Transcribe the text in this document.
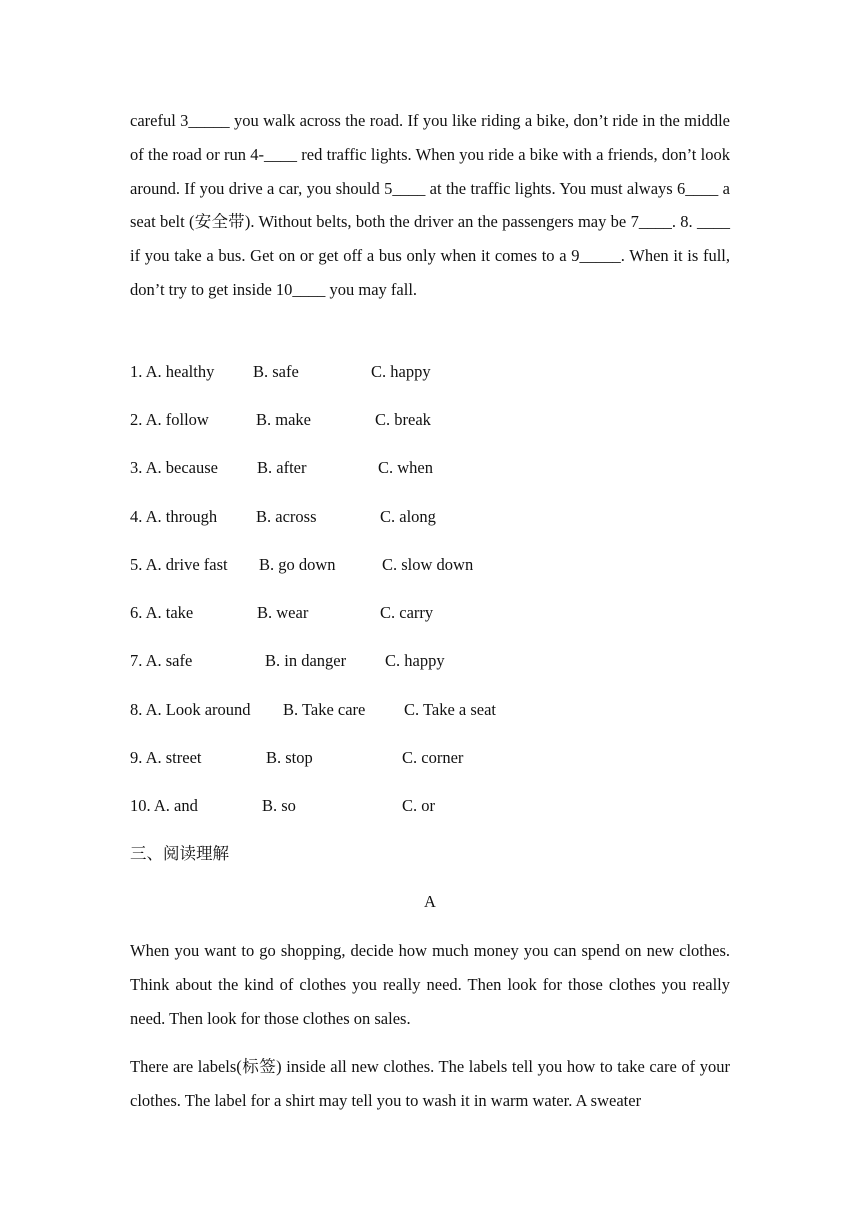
careful 3_____ you walk across the road. If you like riding a bike, don’t ride in the middle of the road or run 4-____ red traffic lights. When you ride a bike with a friends, don’t look around. If you drive a car, you should 5____ at the traffic lights. You must always 6____ a seat belt (安全带). Without belts, both the driver an the passengers may be 7____. 8. ____ if you take a bus. Get on or get off a bus only when it comes to a 9_____. When it is full, don’t try to get inside 10____ you may fall.

1. A. healthy B. safe	C. happy
2. A. follow	B. make	C. break
3. A. because B. after	C. when
4. A. through B. across	C. along
5. A. drive fast B. go down	C. slow down
6. A. take	B. wear	C. carry
7. A. safe	B. in danger C. happy
8. A. Look around B. Take care C. Take a seat
9. A. street	B. stop	C. corner
10. A. and	B. so	C. or

三、阅读理解

A

When you want to go shopping, decide how much money you can spend on new clothes. Think about the kind of clothes you really need. Then look for those clothes you really need. Then look for those clothes on sales.

There are labels(标签) inside all new clothes. The labels tell you how to take care of your clothes. The label for a shirt may tell you to wash it in warm water. A sweater
